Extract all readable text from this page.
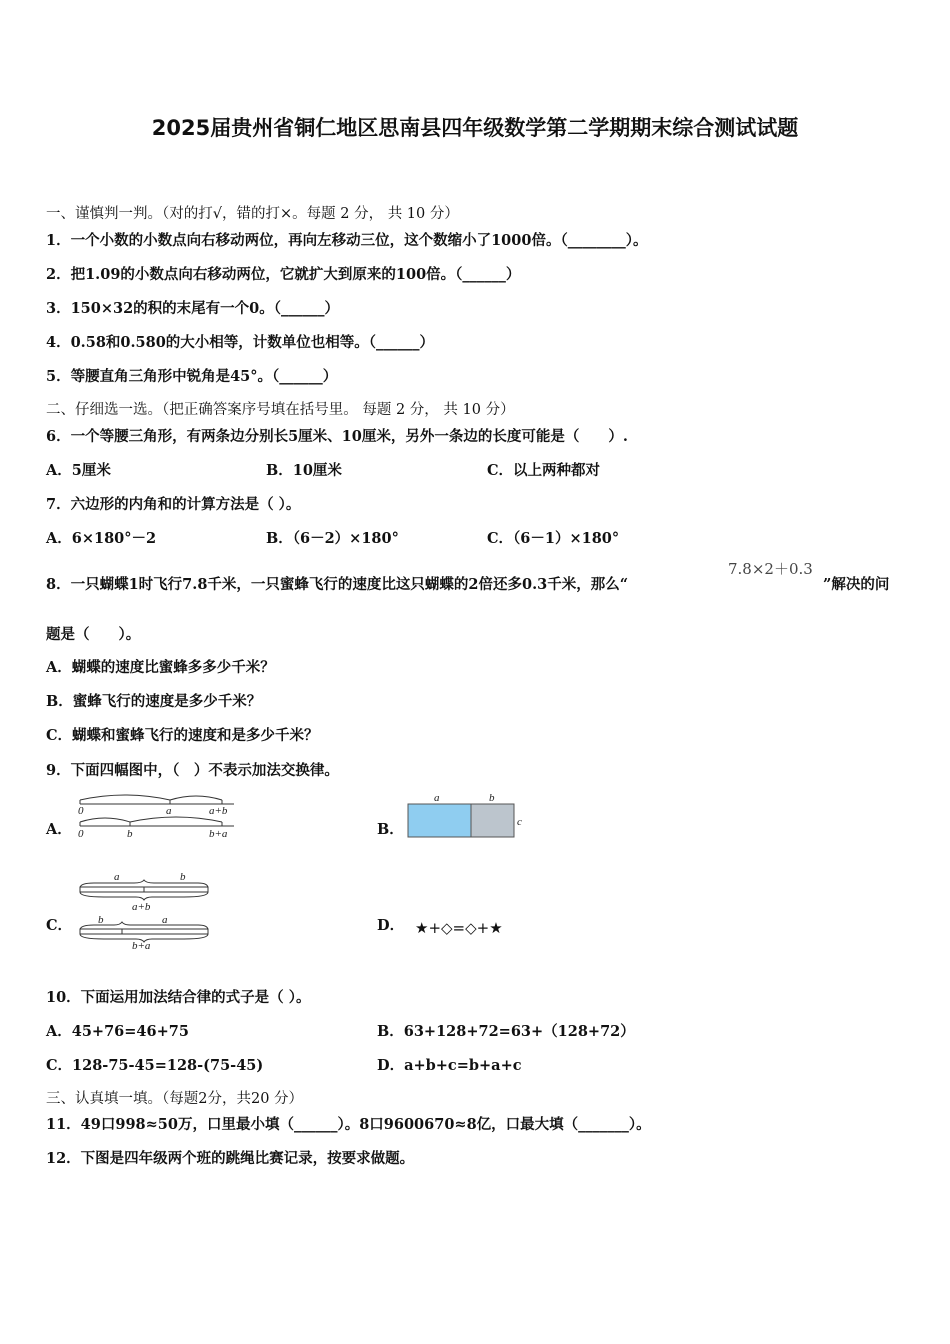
2025届贵州省铜仁地区思南县四年级数学第二学期期末综合测试试题
一、谨慎判一判。（对的打√，错的打×。每题 2 分， 共 10 分）
1．一个小数的小数点向右移动两位，再向左移动三位，这个数缩小了1000倍。（________）。
2．把1.09的小数点向右移动两位，它就扩大到原来的100倍。（______）
3．150×32的积的末尾有一个0。（______）
4．0.58和0.580的大小相等，计数单位也相等。（______）
5．等腰直角三角形中锐角是45°。（______）
二、仔细选一选。（把正确答案序号填在括号里。 每题 2 分， 共 10 分）
6．一个等腰三角形，有两条边分别长5厘米、10厘米，另外一条边的长度可能是（　　）.
A．5厘米	B．10厘米	C．以上两种都对
7．六边形的内角和的计算方法是（ ）。
A．6×180°－2	B．（6－2）×180°	C．（6－1）×180°
8．一只蝴蝶1时飞行7.8千米，一只蜜蜂飞行的速度比这只蝴蝶的2倍还多0.3千米，那么“
7.8×2＋0.3
”解决的问
题是（　　）。
A．蝴蝶的速度比蜜蜂多多少千米？
B．蜜蜂飞行的速度是多少千米？
C．蝴蝶和蜜蜂飞行的速度和是多少千米？
9．下面四幅图中，（　）不表示加法交换律。
A．
0	a	a+b
0	b	b+a	B．
a	b
c
C．
a	b
a+b
b	a
b+a
D． ★+◇=◇+★
10．下面运用加法结合律的式子是（ ）。
A．45+76=46+75	B．63+128+72=63+（128+72）
C．128-75-45=128-(75-45)	D．a+b+c=b+a+c
三、认真填一填。（每题2分，共20 分）
11．49口998≈50万，口里最小填（______）。8口9600670≈8亿，口最大填（_______）。
12．下图是四年级两个班的跳绳比赛记录，按要求做题。
